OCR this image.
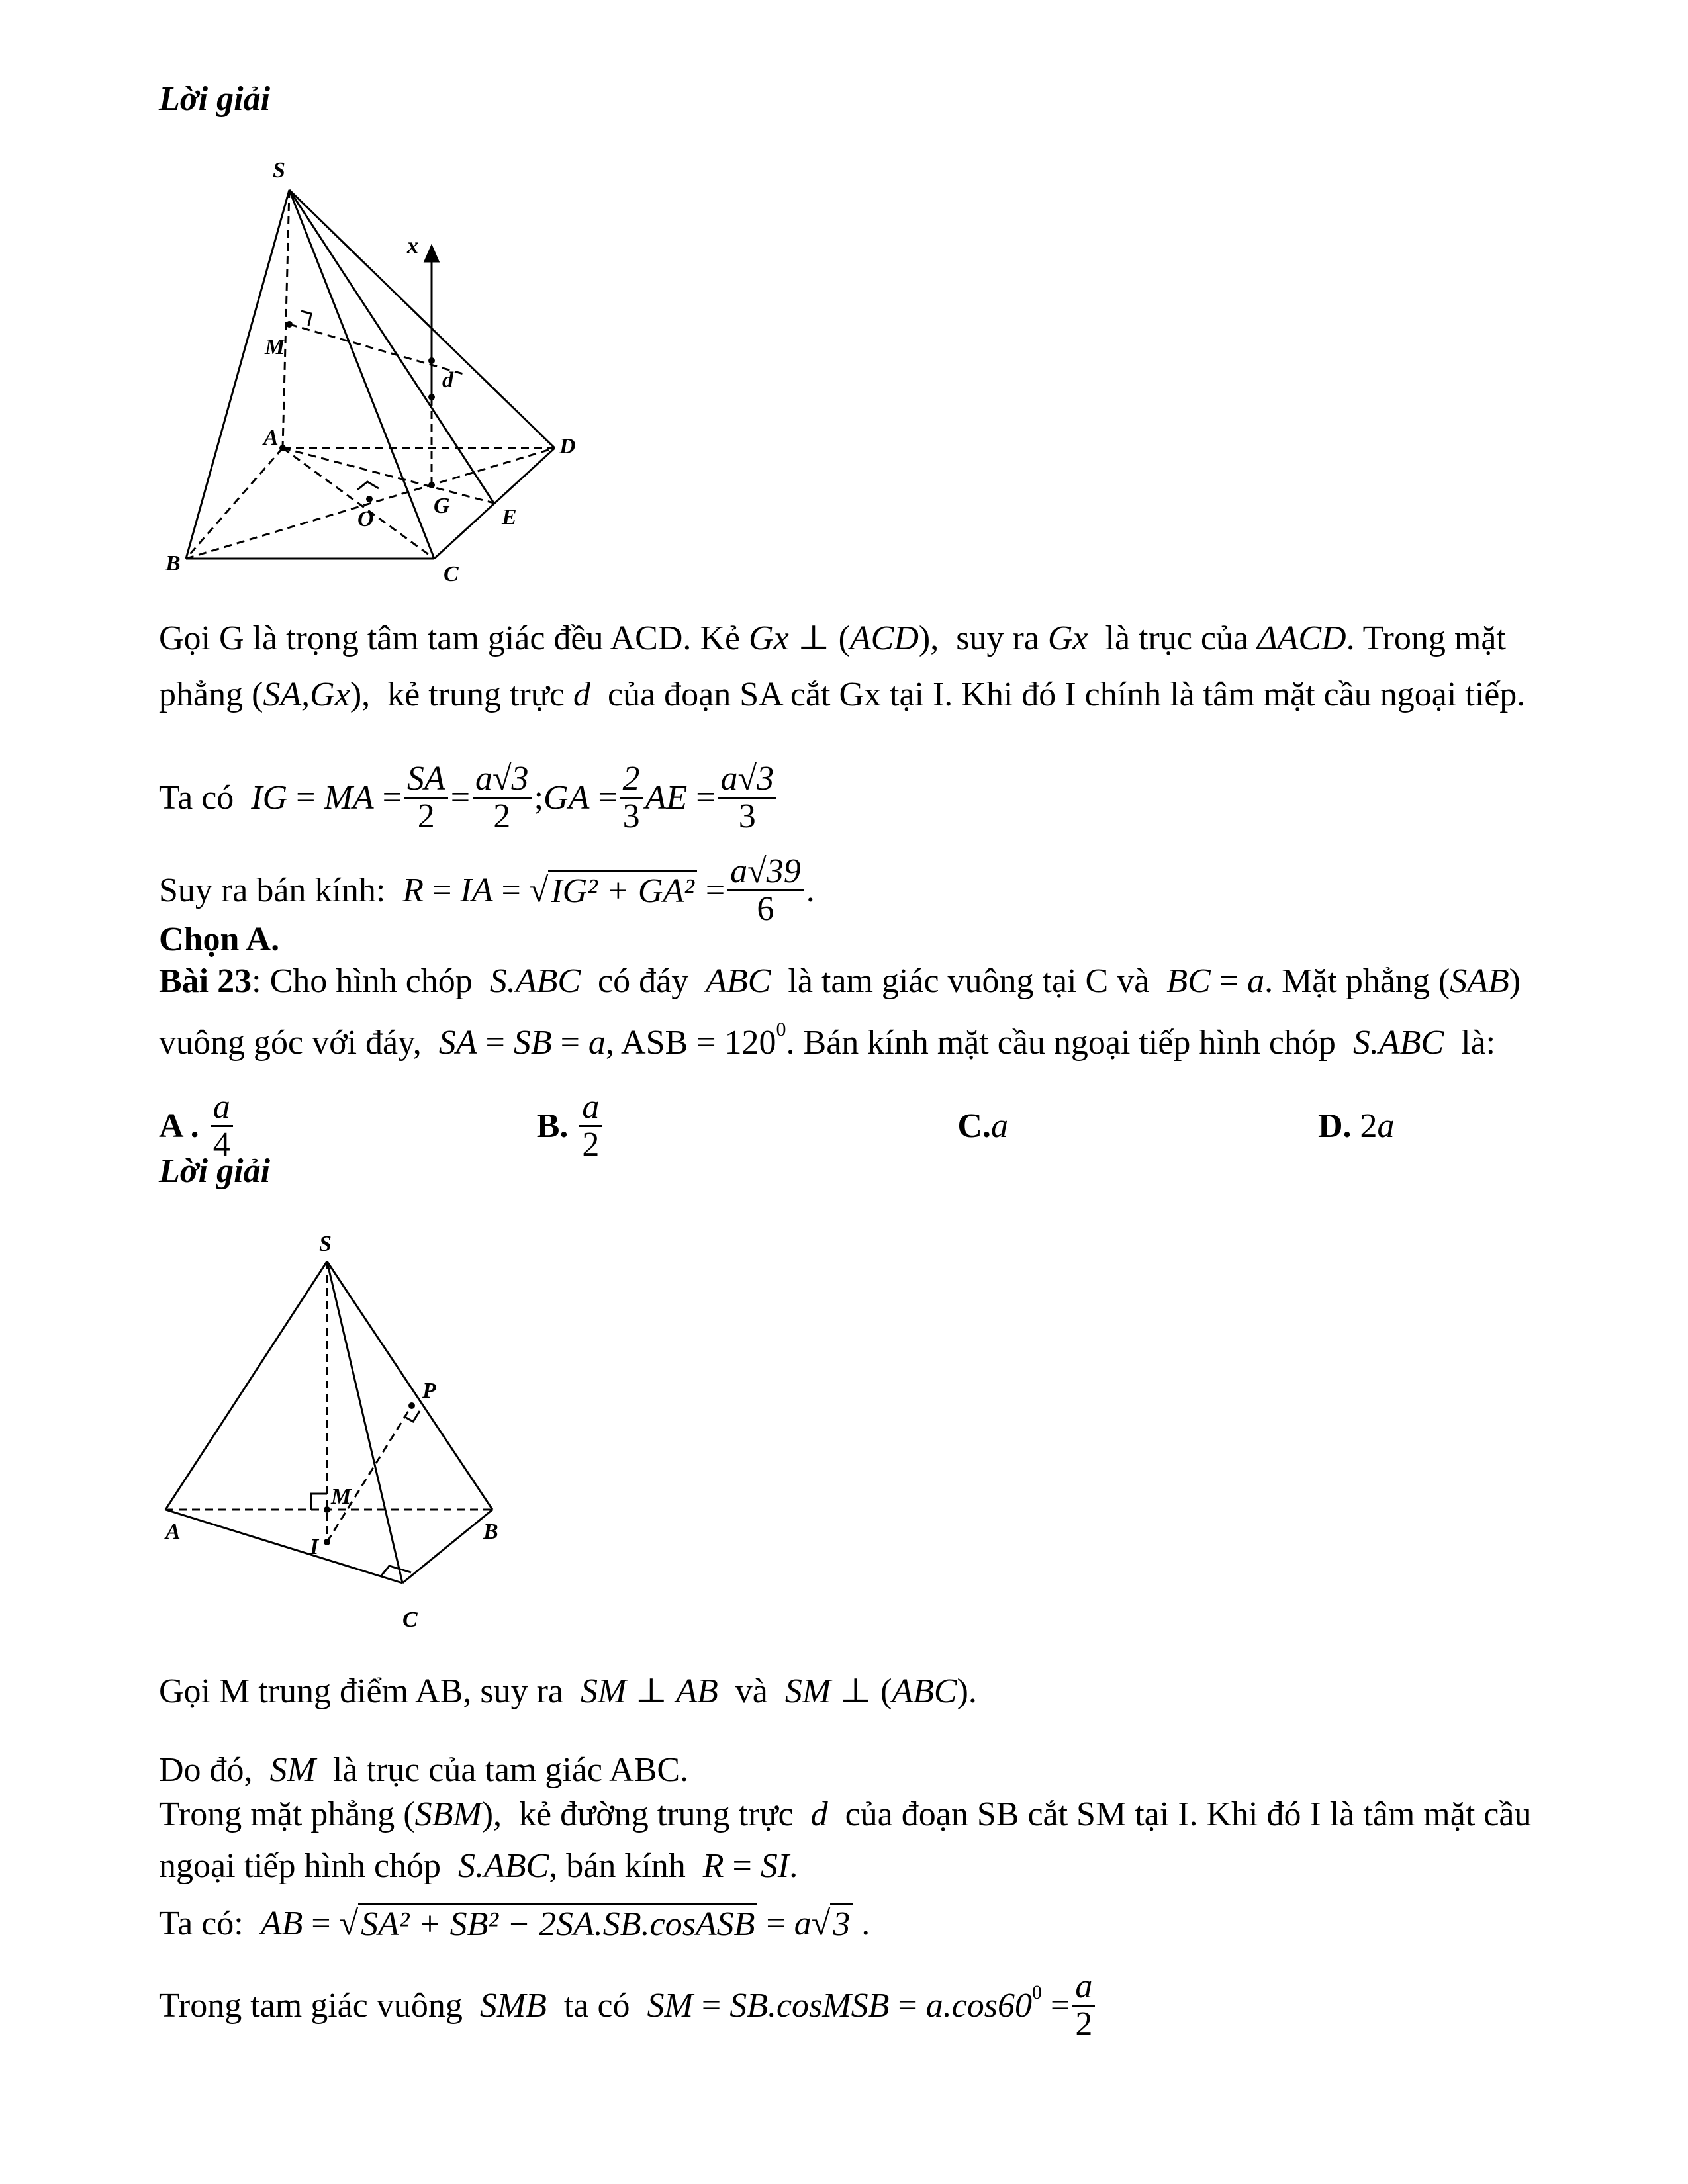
S
x
M
d
A	D
O
G E
B	C
S
P
M
A	B
I
C
Lời giải
Gọi G là trọng tâm tam giác đều ACD. Kẻ Gx ⊥ ( ACD ),  suy ra Gx là trục của ΔACD . Trong mặt
phẳng ( SA,Gx ),  kẻ trung trực d của đoạn SA cắt Gx tại I. Khi đó I chính là tâm mặt cầu ngoại tiếp.
Ta có IG = MA = $\frac{SA}{2} = \frac{a√3}{2}$ ; GA = $\frac{2}{3}$ AE = $\frac{a√3}{3}$
Suy ra bán kính: R = IA = √ $IG^2 + GA^2 = \frac{a√39}{6}$ .
Chọn A.
Bài 23 : Cho hình chóp S.ABC có đáy ABC là tam giác vuông tại C và BC = a . Mặt phẳng ( SAB )
vuông góc với đáy, SA = SB = a , ASB = 120 0 . Bán kính mặt cầu ngoại tiếp hình chóp S.ABC là:
A . $\frac{a}{4}$
	B. $\frac{a}{2}$
	C. a
	D. 2 a
Lời giải
Gọi M trung điểm AB, suy ra SM ⊥ AB và SM ⊥ ( ABC ).
Do đó, SM là trục của tam giác ABC.
Trong mặt phẳng ( SBM ),  kẻ đường trung trực d của đoạn SB cắt SM tại I. Khi đó I là tâm mặt cầu
ngoại tiếp hình chóp S.ABC , bán kính R = SI .
Ta có: AB = √ SA² + SB² − 2SA.SB.cosASB = a √ 3 .
Trong tam giác vuông SMB ta có SM = SB.cosMSB = a.cos60 $0 = \frac{a}{2}$
